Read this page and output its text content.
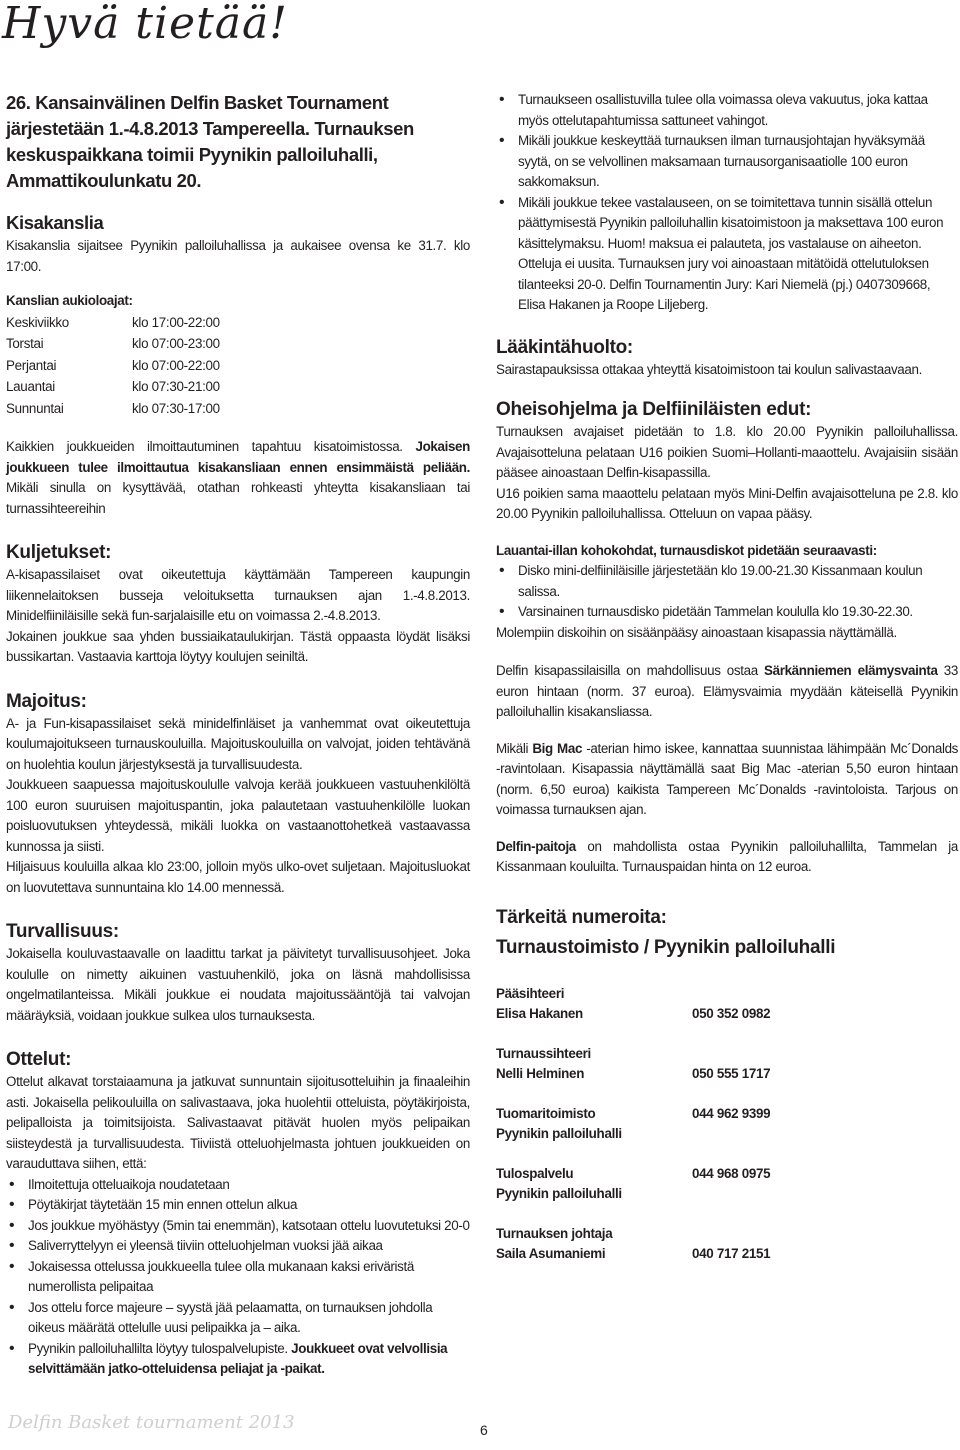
Hyvä tietää!

26. Kansainvälinen Delfin Basket Tournament järjestetään 1.-4.8.2013 Tampereella. Turnauksen keskuspaikkana toimii Pyynikin palloiluhalli, Ammattikoulunkatu 20.

Kisakanslia

Kisakanslia sijaitsee Pyynikin palloiluhallissa ja aukaisee ovensa ke 31.7. klo 17:00.

Kanslian aukioloajat:

Keskiviikko	klo 17:00-22:00
Torstai	klo 07:00-23:00
Perjantai	klo 07:00-22:00
Lauantai	klo 07:30-21:00
Sunnuntai	klo 07:30-17:00

Kaikkien joukkueiden ilmoittautuminen tapahtuu kisatoimistossa. Jokaisen joukkueen tulee ilmoittautua kisakansliaan ennen ensimmäistä peliään. Mikäli sinulla on kysyttävää, otathan rohkeasti yhteytta kisakansliaan tai turnassihteereihin

Kuljetukset:

A-kisapassilaiset ovat oikeutettuja käyttämään Tampereen kaupungin liikennelaitoksen busseja veloituksetta turnauksen ajan 1.-4.8.2013. Minidelfiiniläisille sekä fun-sarjalaisille etu on voimassa 2.-4.8.2013.

Jokainen joukkue saa yhden bussiaikataulukirjan. Tästä oppaasta löydät lisäksi bussikartan. Vastaavia karttoja löytyy koulujen seiniltä.

Majoitus:

A- ja Fun-kisapassilaiset sekä minidelfinläiset ja vanhemmat ovat oikeutettuja koulumajoitukseen turnauskouluilla. Majoituskouluilla on valvojat, joiden tehtävänä on huolehtia koulun järjestyksestä ja turvallisuudesta.

Joukkueen saapuessa majoituskoululle valvoja kerää joukkueen vastuuhenkilöltä 100 euron suuruisen majoituspantin, joka palautetaan vastuuhenkilölle luokan poisluovutuksen yhteydessä, mikäli luokka on vastaanottohetkeä vastaavassa kunnossa ja siisti.

Hiljaisuus kouluilla alkaa klo 23:00, jolloin myös ulko-ovet suljetaan. Majoitusluokat on luovutettava sunnuntaina klo 14.00 mennessä.

Turvallisuus:

Jokaisella kouluvastaavalle on laadittu tarkat ja päivitetyt turvallisuusohjeet. Joka koululle on nimetty aikuinen vastuuhenkilö, joka on läsnä mahdollisissa ongelmatilanteissa. Mikäli joukkue ei noudata majoitussääntöjä tai valvojan määräyksiä, voidaan joukkue sulkea ulos turnauksesta.

Ottelut:

Ottelut alkavat torstaiaamuna ja jatkuvat sunnuntain sijoitusotteluihin ja finaaleihin asti. Jokaisella pelikouluilla on salivastaava, joka huolehtii otteluista, pöytäkirjoista, pelipalloista ja toimitsijoista. Salivastaavat pitävät huolen myös pelipaikan siisteydestä ja turvallisuudesta. Tiiviistä otteluohjelmasta johtuen joukkueiden on varauduttava siihen, että:

• Ilmoitettuja otteluaikoja noudatetaan
• Pöytäkirjat täytetään 15 min ennen ottelun alkua
• Jos joukkue myöhästyy (5min tai enemmän), katsotaan ottelu luovutetuksi 20-0
• Saliverryttelyyn ei yleensä tiiviin otteluohjelman vuoksi jää aikaa
• Jokaisessa ottelussa joukkueella tulee olla mukanaan kaksi eriväristä numerollista pelipaitaa
• Jos ottelu force majeure – syystä jää pelaamatta, on turnauksen johdolla oikeus määrätä ottelulle uusi pelipaikka ja – aika.
• Pyynikin palloiluhallilta löytyy tulospalvelupiste. Joukkueet ovat velvollisia selvittämään jatko-otteluidensa peliajat ja -paikat.
• Turnaukseen osallistuvilla tulee olla voimassa oleva vakuutus, joka kattaa myös ottelutapahtumissa sattuneet vahingot.
• Mikäli joukkue keskeyttää turnauksen ilman turnausjohtajan hyväksymää syytä, on se velvollinen maksamaan turnausorganisaatiolle 100 euron sakkomaksun.
• Mikäli joukkue tekee vastalauseen, on se toimitettava tunnin sisällä ottelun päättymisestä Pyynikin palloiluhallin kisatoimistoon ja maksettava 100 euron käsittelymaksu. Huom! maksua ei palauteta, jos vastalause on aiheeton. Otteluja ei uusita. Turnauksen jury voi ainoastaan mitätöidä ottelutuloksen tilanteeksi 20-0. Delfin Tournamentin Jury: Kari Niemelä (pj.) 0407309668, Elisa Hakanen ja Roope Liljeberg.

Lääkintähuolto:

Sairastapauksissa ottakaa yhteyttä kisatoimistoon tai koulun salivastaavaan.

Oheisohjelma ja Delfiiniläisten edut:

Turnauksen avajaiset pidetään to 1.8. klo 20.00 Pyynikin palloiluhallissa. Avajaisotteluna pelataan U16 poikien Suomi–Hollanti-maaottelu. Avajaisiin sisään pääsee ainoastaan Delfin-kisapassilla.

U16 poikien sama maaottelu pelataan myös Mini-Delfin avajaisotteluna pe 2.8. klo 20.00 Pyynikin palloiluhallissa. Otteluun on vapaa pääsy.

Lauantai-illan kohokohdat, turnausdiskot pidetään seuraavasti:

• Disko mini-delfiiniläisille järjestetään klo 19.00-21.30 Kissanmaan koulun salissa.
• Varsinainen turnausdisko pidetään Tammelan koululla klo 19.30-22.30.

Molempiin diskoihin on sisäänpääsy ainoastaan kisapassia näyttämällä.

Delfin kisapassilaisilla on mahdollisuus ostaa Särkänniemen elämysvainta 33 euron hintaan (norm. 37 euroa). Elämysvaimia myydään käteisellä Pyynikin palloiluhallin kisakansliassa.

Mikäli Big Mac -aterian himo iskee, kannattaa suunnistaa lähimpään Mc´Donalds -ravintolaan. Kisapassia näyttämällä saat Big Mac -aterian 5,50 euron hintaan (norm. 6,50 euroa) kaikista Tampereen Mc´Donalds -ravintoloista. Tarjous on voimassa turnauksen ajan.

Delfin-paitoja on mahdollista ostaa Pyynikin palloiluhallilta, Tammelan ja Kissanmaan kouluilta. Turnauspaidan hinta on 12 euroa.

Tärkeitä numeroita:

Turnaustoimisto / Pyynikin palloiluhalli

Pääsihteeri
Elisa Hakanen	050 352 0982
Turnaussihteeri
Nelli Helminen	050 555 1717
Tuomaritoimisto	044 962 9399
Pyynikin palloiluhalli
Tulospalvelu	044 968 0975
Pyynikin palloiluhalli
Turnauksen johtaja
Saila Asumaniemi	040 717 2151
Delfin Basket tournament 2013	6
